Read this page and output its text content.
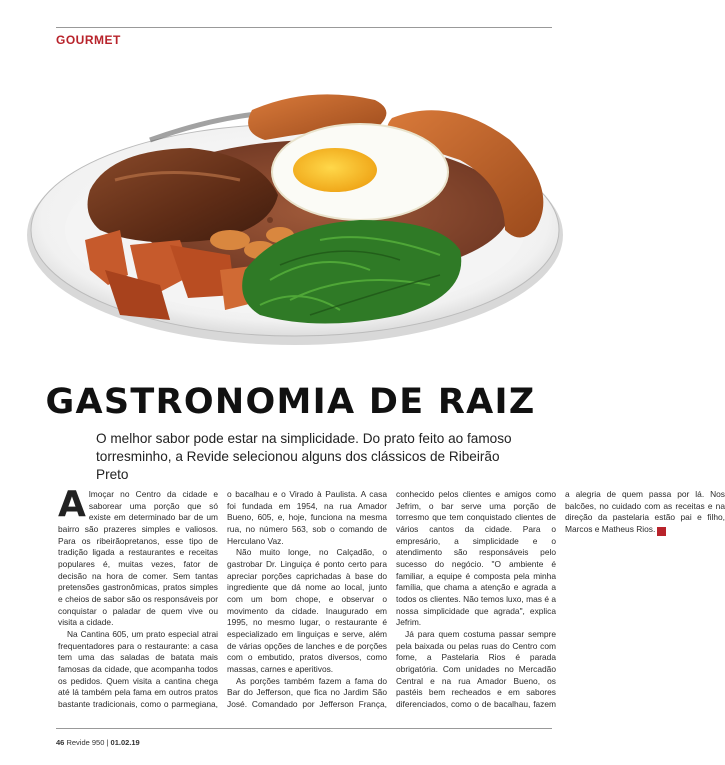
GOURMET
GASTRONOMIA DE RAIZ
O melhor sabor pode estar na simplicidade. Do prato feito ao famoso torresminho, a Revide selecionou alguns dos clássicos de Ribeirão Preto

Almoçar no Centro da cidade e saborear uma porção que só existe em determinado bar de um bairro são prazeres simples e valiosos. Para os ribeirãopretanos, esse tipo de tradição ligada a restaurantes e receitas populares é, muitas vezes, fator de decisão na hora de comer. Sem tantas pretensões gastronômicas, pratos simples e cheios de sabor são os responsáveis por conquistar o paladar de quem vive ou visita a cidade.

Na Cantina 605, um prato especial atrai frequentadores para o restaurante: a casa tem uma das saladas de batata mais famosas da cidade, que acompanha todos os pedidos. Quem visita a cantina chega até lá também pela fama em outros pratos bastante tradicionais, como o parmegiana, o bacalhau e o Virado à Paulista. A casa foi fundada em 1954, na rua Amador Bueno, 605, e, hoje, funciona na mesma rua, no número 563, sob o comando de Herculano Vaz.

Não muito longe, no Calçadão, o gastrobar Dr. Linguiça é ponto certo para apreciar porções caprichadas à base do ingrediente que dá nome ao local, junto com um bom chope, e observar o movimento da cidade. Inaugurado em 1995, no mesmo lugar, o restaurante é especializado em linguiças e serve, além de várias opções de lanches e de porções com o embutido, pratos diversos, como massas, carnes e aperitivos.

As porções também fazem a fama do Bar do Jefferson, que fica no Jardim São José. Comandado por Jefferson França, conhecido pelos clientes e amigos como Jefrim, o bar serve uma porção de torresmo que tem conquistado clientes de vários cantos da cidade. Para o empresário, a simplicidade e o atendimento são responsáveis pelo sucesso do negócio. "O ambiente é familiar, a equipe é composta pela minha família, que chama a atenção e agrada a todos os clientes. Não temos luxo, mas é a nossa simplicidade que agrada", explica Jefrim.

Já para quem costuma passar sempre pela baixada ou pelas ruas do Centro com fome, a Pastelaria Rios é parada obrigatória. Com unidades no Mercadão Central e na rua Amador Bueno, os pastéis bem recheados e em sabores diferenciados, como o de bacalhau, fazem a alegria de quem passa por lá. Nos balcões, no cuidado com as receitas e na direção da pastelaria estão pai e filho, Marcos e Matheus Rios. R

46 Revide 950 | 01.02.19
